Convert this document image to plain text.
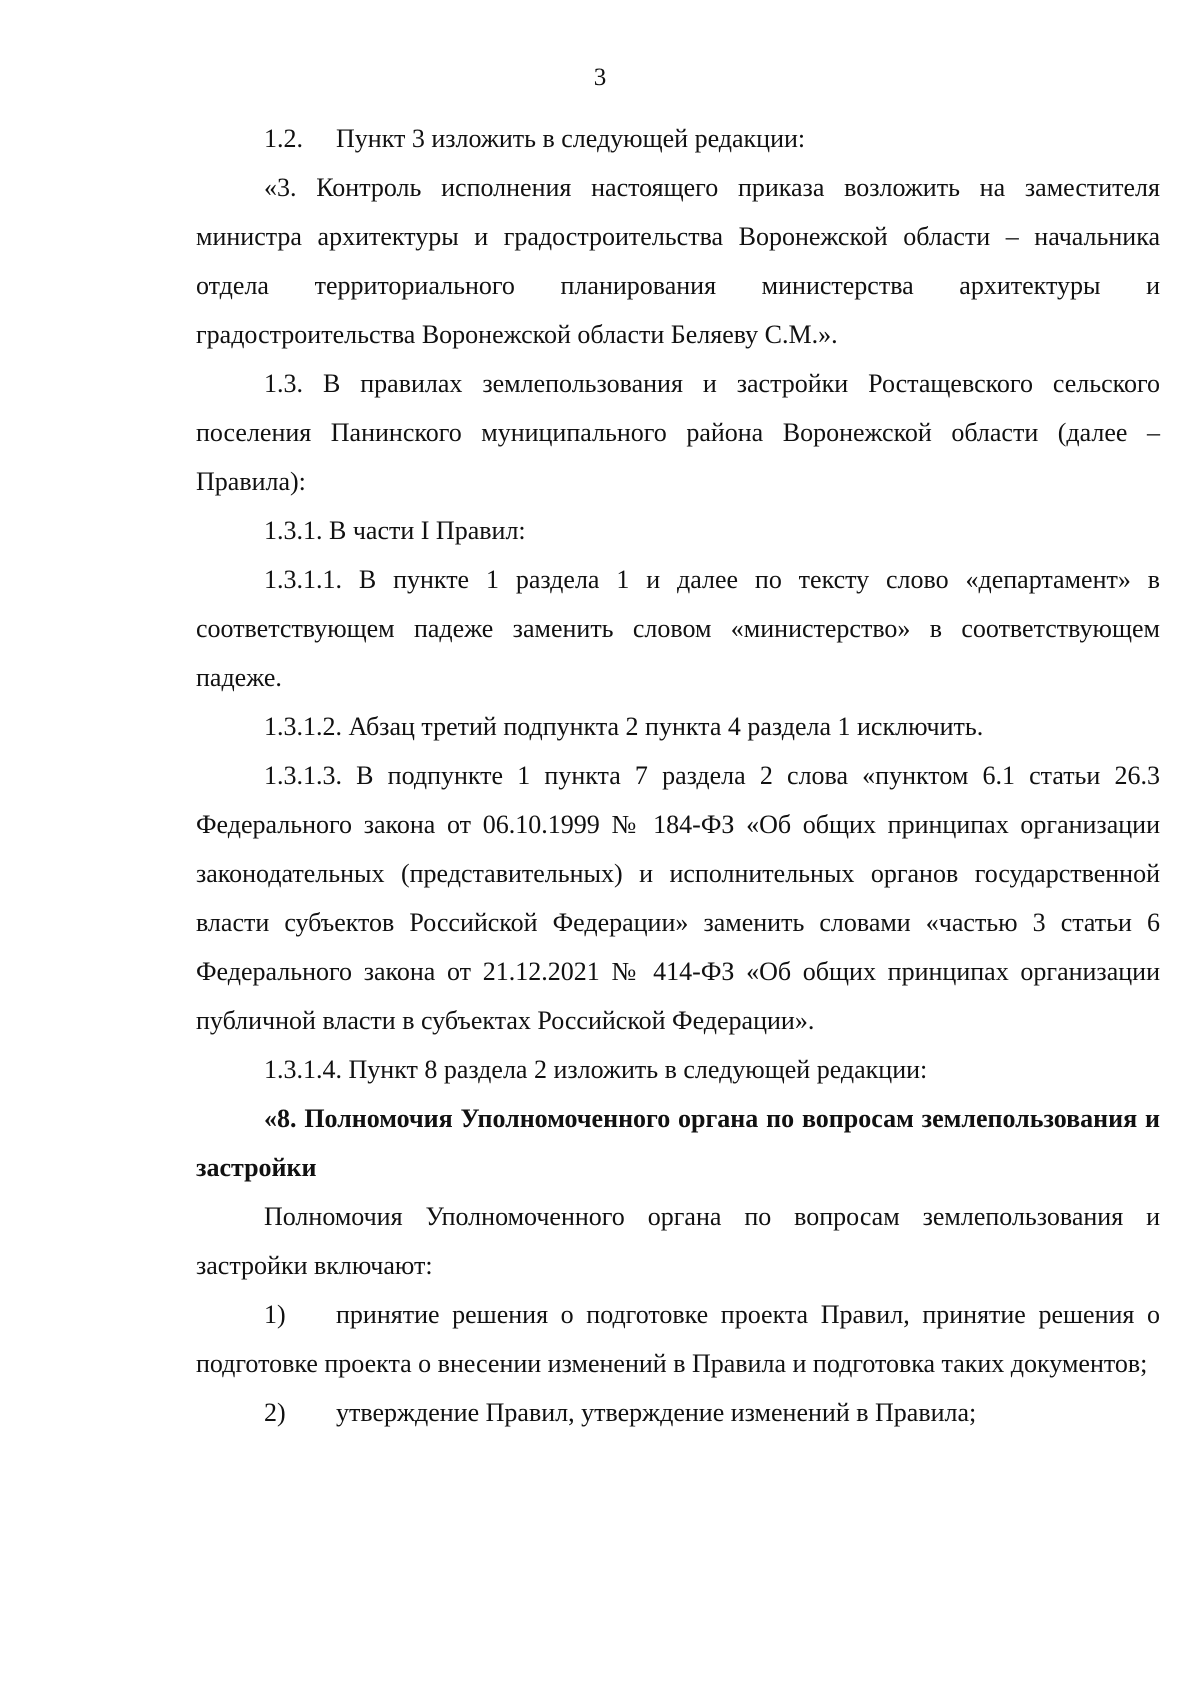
3

1.2. Пункт 3 изложить в следующей редакции:

«3. Контроль исполнения настоящего приказа возложить на заместителя министра архитектуры и градостроительства Воронежской области – начальника отдела территориального планирования министерства архитектуры и градостроительства Воронежской области Беляеву С.М.».

1.3. В правилах землепользования и застройки Ростащевского сельского поселения Панинского муниципального района Воронежской области (далее – Правила):

1.3.1. В части I Правил:

1.3.1.1. В пункте 1 раздела 1 и далее по тексту слово «департамент» в соответствующем падеже заменить словом «министерство» в соответствующем падеже.

1.3.1.2. Абзац третий подпункта 2 пункта 4 раздела 1 исключить.

1.3.1.3. В подпункте 1 пункта 7 раздела 2 слова «пунктом 6.1 статьи 26.3 Федерального закона от 06.10.1999 № 184-ФЗ «Об общих принципах организации законодательных (представительных) и исполнительных органов государственной власти субъектов Российской Федерации» заменить словами «частью 3 статьи 6 Федерального закона от 21.12.2021 № 414-ФЗ «Об общих принципах организации публичной власти в субъектах Российской Федерации».

1.3.1.4. Пункт 8 раздела 2 изложить в следующей редакции:

«8. Полномочия Уполномоченного органа по вопросам землепользования и застройки

Полномочия Уполномоченного органа по вопросам землепользования и застройки включают:

1) принятие решения о подготовке проекта Правил, принятие решения о подготовке проекта о внесении изменений в Правила и подготовка таких документов;

2) утверждение Правил, утверждение изменений в Правила;
